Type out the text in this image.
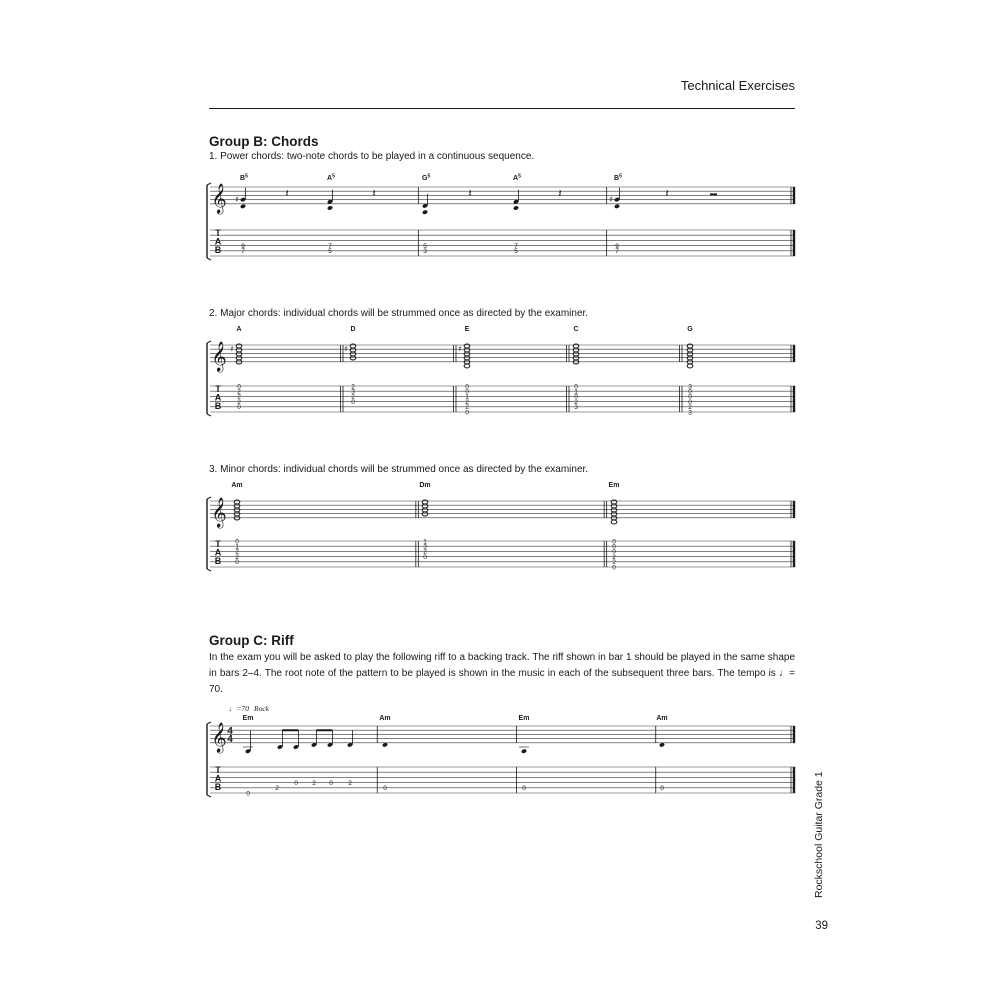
Technical Exercises
Group B: Chords
1. Power chords: two-note chords to be played in a continuous sequence.
2. Major chords: individual chords will be strummed once as directed by the examiner.
3. Minor chords: individual chords will be strummed once as directed by the examiner.
Group C: Riff
In the exam you will be asked to play the following riff to a backing track. The riff shown in bar 1 should be played in the same shape in bars 2–4. The root note of the pattern to be played is shown in the music in each of the subsequent three bars. The tempo is ♩= 70.
Rockschool Guitar Grade 1
39
𝄞
T
A
B
$B^5$
♯
9
7
$A^5$
7
5
$G^5$
5
3
$A^5$
7
5
$B^5$
♯
9
7
𝄽	𝄽	𝄽	𝄽	𝄽
𝄞
T
A
B
A
♯
0
2
2
2
0
D
♯
2
3
2
0
E
♯
0
0
1
2
2
0
C
0
1
0
2
3
G
3
0
0
0
2
3
𝄞
T
A
B
Am
0
1
2
2
0
Dm
1
3
2
0
Em
0
0
0
2
2
0
𝄞
T
A
B
4
4
♩=70 Rock
Em	Am	Em	Am
0
2
0 2 0 2
0	0	0
